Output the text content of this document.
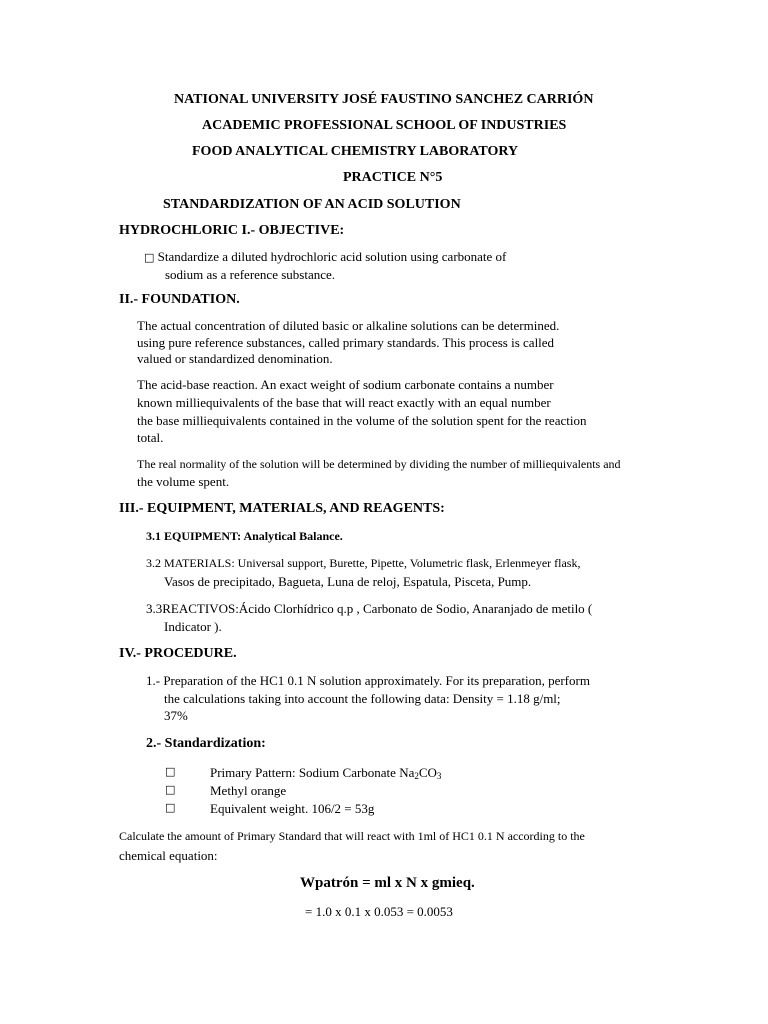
NATIONAL UNIVERSITY JOSÉ FAUSTINO SANCHEZ CARRIÓN
ACADEMIC PROFESSIONAL SCHOOL OF INDUSTRIES
FOOD ANALYTICAL CHEMISTRY LABORATORY
PRACTICE N°5
STANDARDIZATION OF AN ACID SOLUTION
HYDROCHLORIC I.- OBJECTIVE:
□ Standardize a diluted hydrochloric acid solution using carbonate of
sodium as a reference substance.
II.- FOUNDATION.
The actual concentration of diluted basic or alkaline solutions can be determined.
using pure reference substances, called primary standards. This process is called
valued or standardized denomination.
The acid-base reaction. An exact weight of sodium carbonate contains a number
known milliequivalents of the base that will react exactly with an equal number
the base milliequivalents contained in the volume of the solution spent for the reaction
total.
The real normality of the solution will be determined by dividing the number of milliequivalents and
the volume spent.
III.- EQUIPMENT, MATERIALS, AND REAGENTS:
3.1 EQUIPMENT: Analytical Balance.
3.2 MATERIALS: Universal support, Burette, Pipette, Volumetric flask, Erlenmeyer flask,
Vasos de precipitado, Bagueta, Luna de reloj, Espatula, Pisceta, Pump.
3.3REACTIVOS:Ácido Clorhídrico q.p , Carbonato de Sodio, Anaranjado de metilo (
Indicator ).
IV.- PROCEDURE.
1.- Preparation of the HC1 0.1 N solution approximately. For its preparation, perform
the calculations taking into account the following data: Density = 1.18 g/ml;
37%
2.- Standardization:
□	Primary Pattern: Sodium Carbonate $Na_2CO_3$
□	Methyl orange
□	Equivalent weight. 106/2 = 53g
Calculate the amount of Primary Standard that will react with 1ml of HC1 0.1 N according to the
chemical equation:
Wpatrón = ml x N x gmieq.
= 1.0 x 0.1 x 0.053 = 0.0053
